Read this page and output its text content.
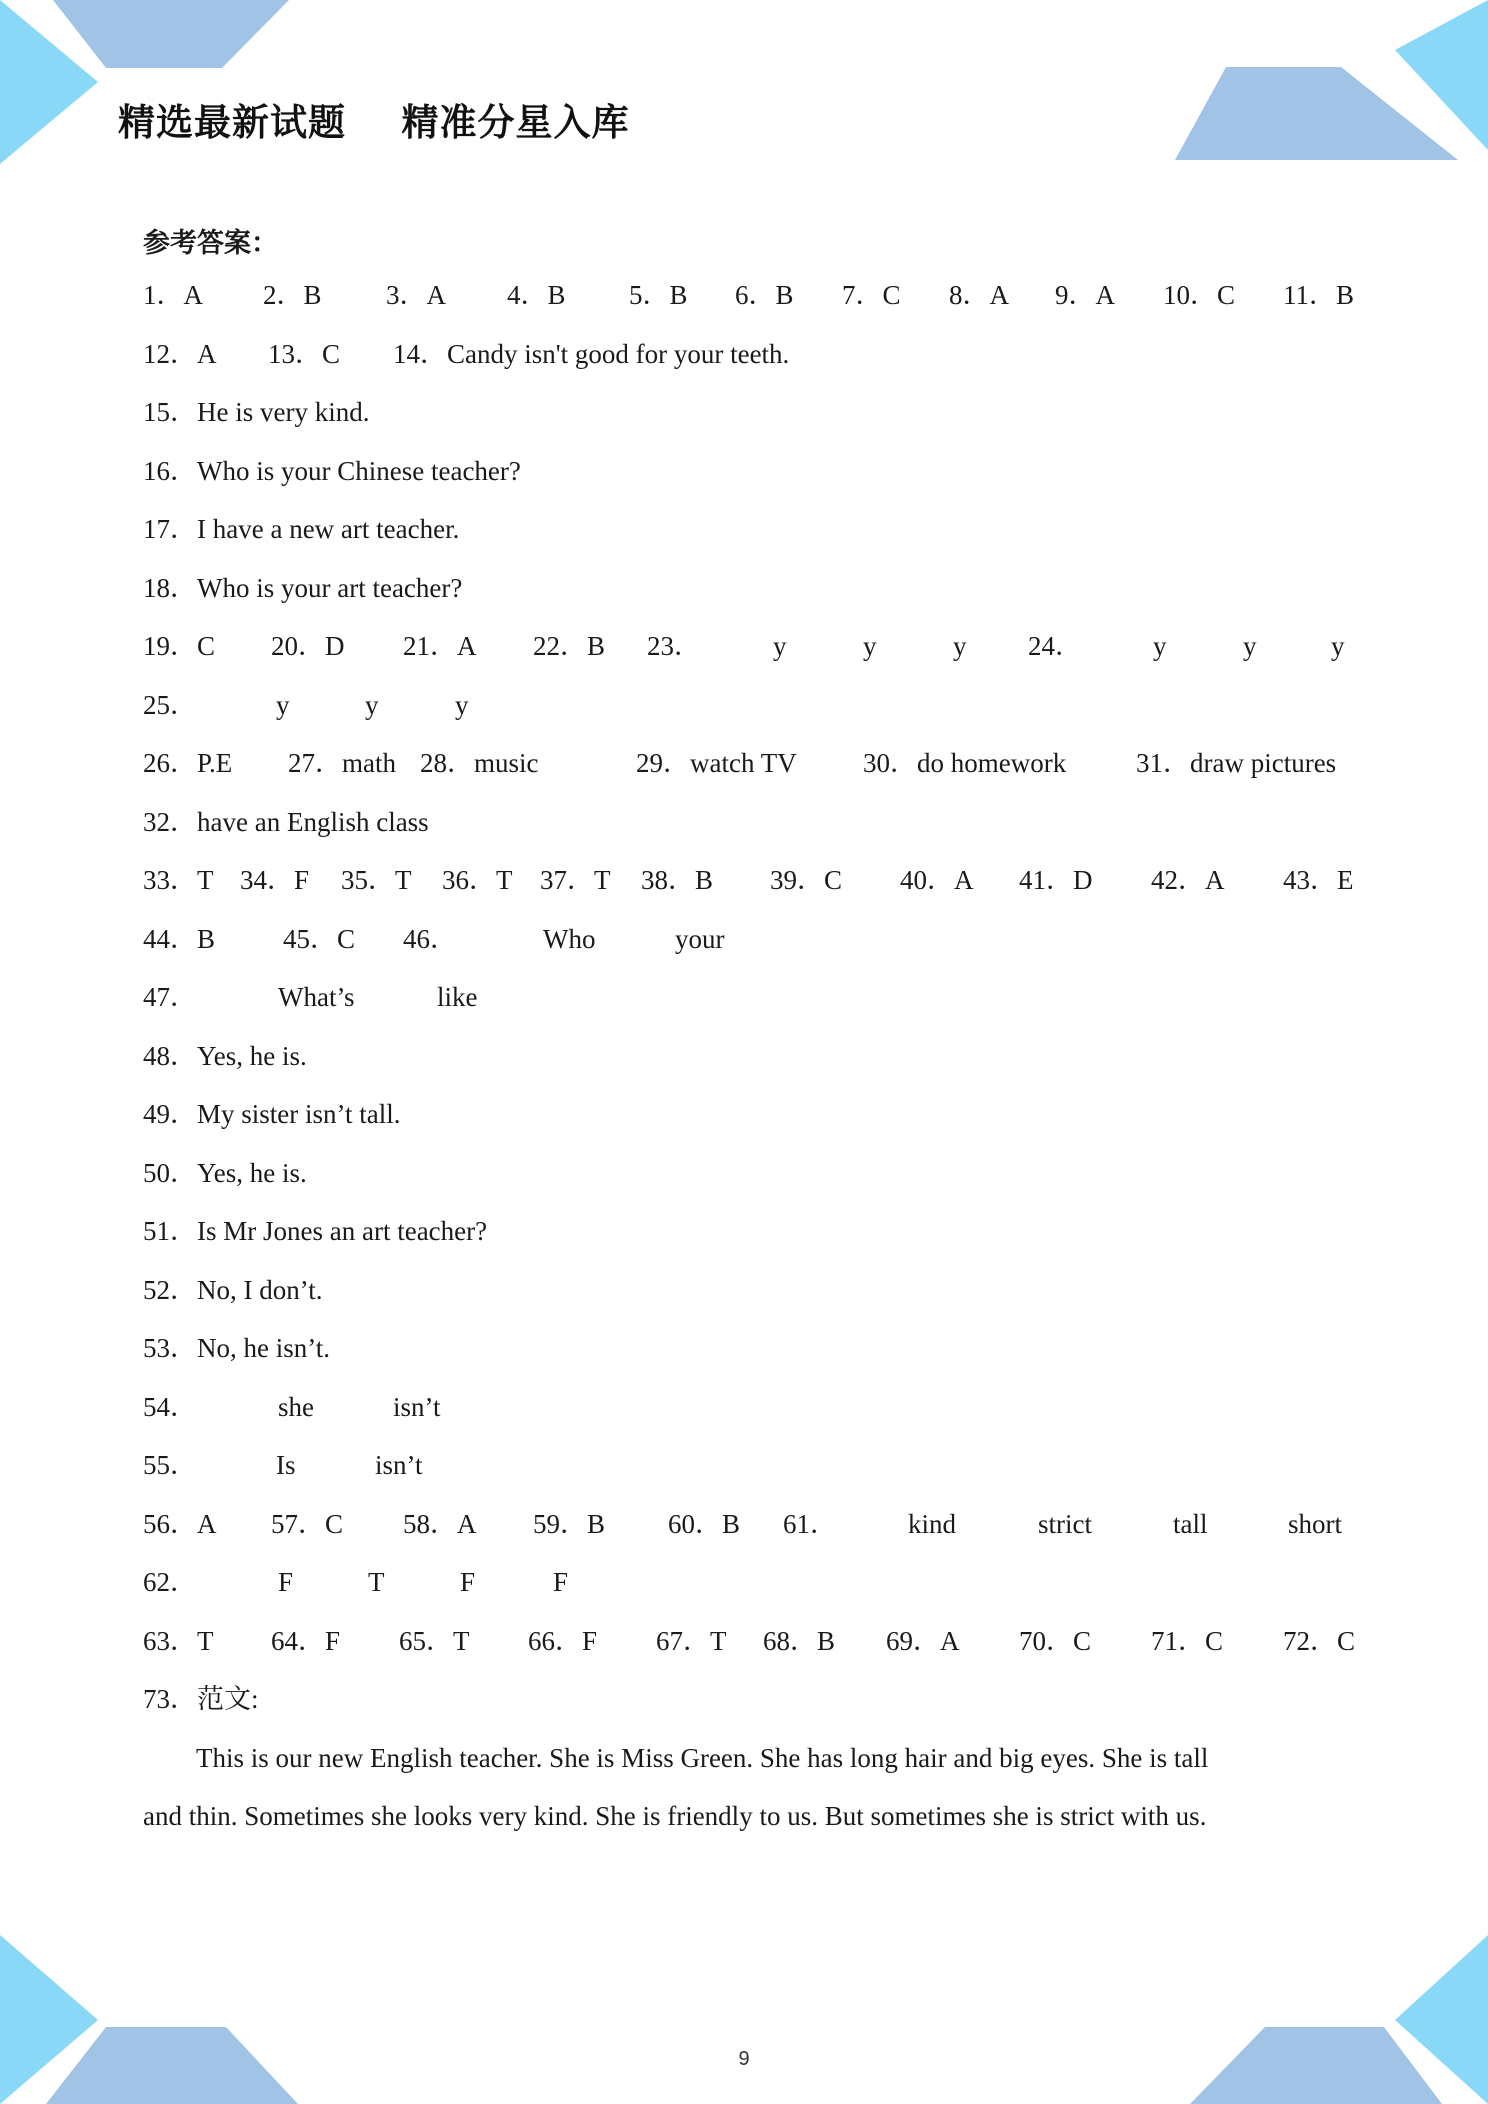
精选最新试题    精准分星入库
参考答案：
1．A 2．B 3．A 4．B 5．B 6．B 7．C 8．A 9．A 10．C 11．B
12．A 13．C 14．Candy isn't good for your teeth.
15．He is very kind.
16．Who is your Chinese teacher?
17．I have a new art teacher.
18．Who is your art teacher?
19．C 20．D 21．A 22．B 23．	y	y	y 24．	y	y	y
25．	y	y	y
26．P.E 27．math 28．music	29．watch TV 30．do homework	31．draw pictures
32．have an English class
33．T 34．F 35．T 36．T 37．T 38．B 39．C 40．A 41．D 42．A 43．E
44．B	45．C 46．	Who	your
47．	What’s	like
48．Yes, he is.
49．My sister isn’t tall.
50．Yes, he is.
51．Is Mr Jones an art teacher?
52．No, I don’t.
53．No, he isn’t.
54．	she	isn’t
55．	Is	isn’t
56．A 57．C 58．A 59．B 60．B 61．	kind	strict	tall	short
62．	F	T	F	F
63．T 64．F 65．T 66．F 67．T 68．B 69．A 70．C 71．C 72．C
73．范文:
This is our new English teacher. She is Miss Green. She has long hair and big eyes. She is tall
and thin. Sometimes she looks very kind. She is friendly to us. But sometimes she is strict with us.
9
